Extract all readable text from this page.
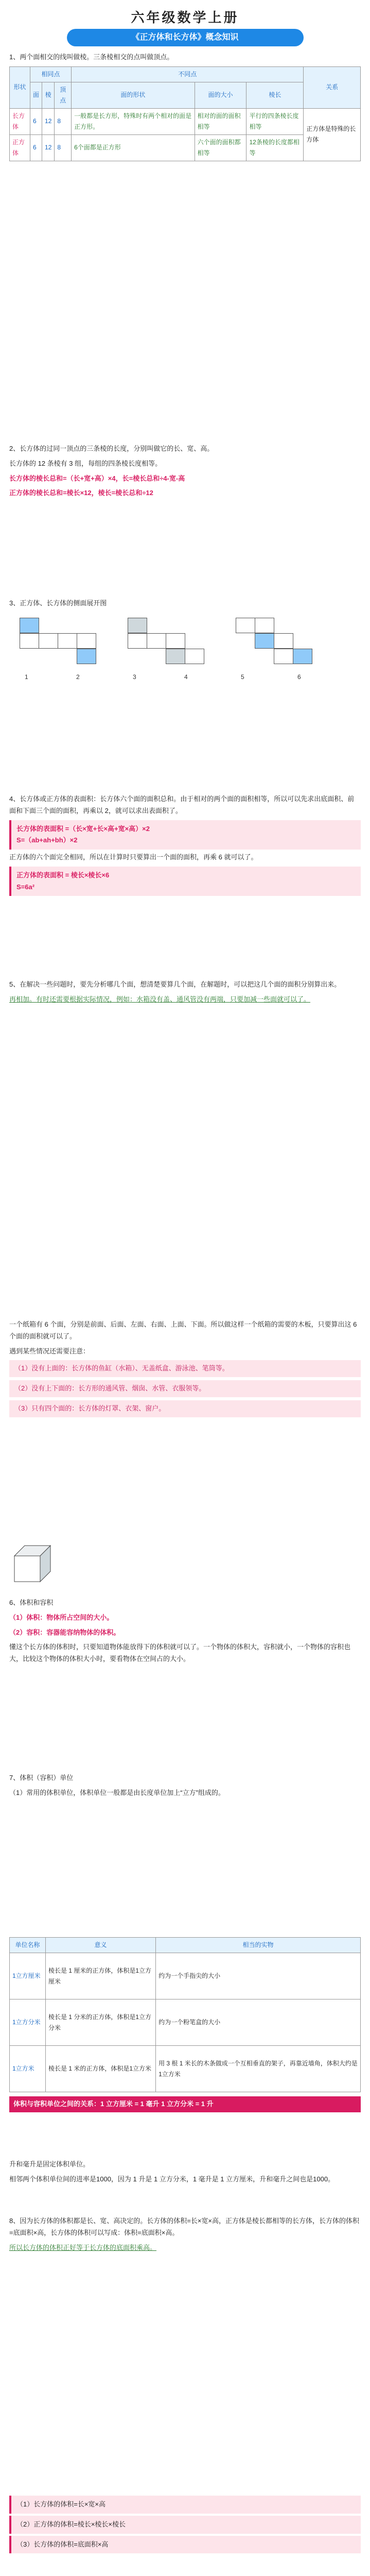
六年级数学上册
《正方体和长方体》概念知识

1、两个面相交的线叫做棱。三条棱相交的点叫做顶点。

形状	相同点			不同点			关系
	面	棱	顶点	面的形状	面的大小	棱长	
长方体	6	12	8	一般都是长方形，特殊时有两个相对的面是正方形。	相对的面的面积相等	平行的四条棱长度相等	正方体是特殊的长方体
正方体	6	12	8	6个面都是正方形	六个面的面积都相等	12条棱的长度都相等	

2、长方体的过同一顶点的三条棱的长度，分别叫做它的长、宽、高。

长方体的 12 条棱有 3 组，每组的四条棱长度相等。

长方体的棱长总和=（长+宽+高）×4，长=棱长总和÷4-宽-高

正方体的棱长总和=棱长×12，棱长=棱长总和÷12

3、正方体、长方体的侧面展开图

1	2	3	4	5	6

4、长方体或正方体的表面积：长方体六个面的面积总和。由于相对的两个面的面积相等，所以可以先求出底面积、前面和下面三个面的面积，再乘以 2，就可以求出表面积了。

长方体的表面积 =（长×宽+长×高+宽×高）×2
S=（ab+ah+bh）×2

正方体的六个面完全相同，所以在计算时只要算出一个面的面积，再乘 6 就可以了。

正方体的表面积 = 棱长×棱长×6
S=6a²

5、在解决一些问题时，要先分析哪几个面，想清楚要算几个面，在解题时，可以把这几个面的面积分别算出来。

再相加。有时还需要根据实际情况，例如：水箱没有盖、通风管没有两端，只要加减一些面就可以了。

一个纸箱有 6 个面，分别是前面、后面、左面、右面、上面、下面。所以做这样一个纸箱的需要的木板，只要算出这 6 个面的面积就可以了。

遇到某些情况还需要注意：

（1）没有上面的：长方体的鱼缸（水箱）、无盖纸盒、游泳池、笔筒等。
（2）没有上下面的：长方形的通风管、烟囱、水管、衣服领等。
（3）只有四个面的：长方体的灯罩、衣架、窗户。

6、体积和容积

（1）体积：物体所占空间的大小。

（2）容积：容器能容纳物体的体积。

懂这个长方体的体积时，只要知道物体能放得下的体积就可以了。一个物体的体积大，容积就小，一个物体的容积也大，比较这个物体的体积大小时，要看物体在空间占的大小。

7、体积（容积）单位

（1）常用的体积单位，体积单位一般都是由长度单位加上“立方”组成的。

单位名称	意义	相当的实物
1立方厘米	棱长是 1 厘米的正方体，体积是1立方厘米	约为一个手指尖的大小
1立方分米	棱长是 1 分米的正方体，体积是1立方分米	约为一个粉笔盒的大小
1立方米	棱长是 1 米的正方体，体积是1立方米	用 3 根 1 米长的木条做成一个互相垂直的架子，再靠近墙角，体积大约是1立方米
体积与容积单位之间的关系：1 立方厘米 = 1 毫升 1 立方分米 = 1 升

升和毫升是固定体积单位。

相邻两个体积单位间的进率是1000，因为 1 升是 1 立方分米，1 毫升是 1 立方厘米，升和毫升之间也是1000。

8、因为长方体的体积都是长、宽、高决定的。长方体的体积=长×宽×高，正方体是棱长都相等的长方体，长方体的体积=底面积×高，长方体的体积可以写成：体积=底面积×高。

所以长方体的体积正好等于长方体的底面积乘高。

（1）长方体的体积=长×宽×高
（2）正方体的体积=棱长×棱长×棱长
（3）长方体的体积=底面积×高
